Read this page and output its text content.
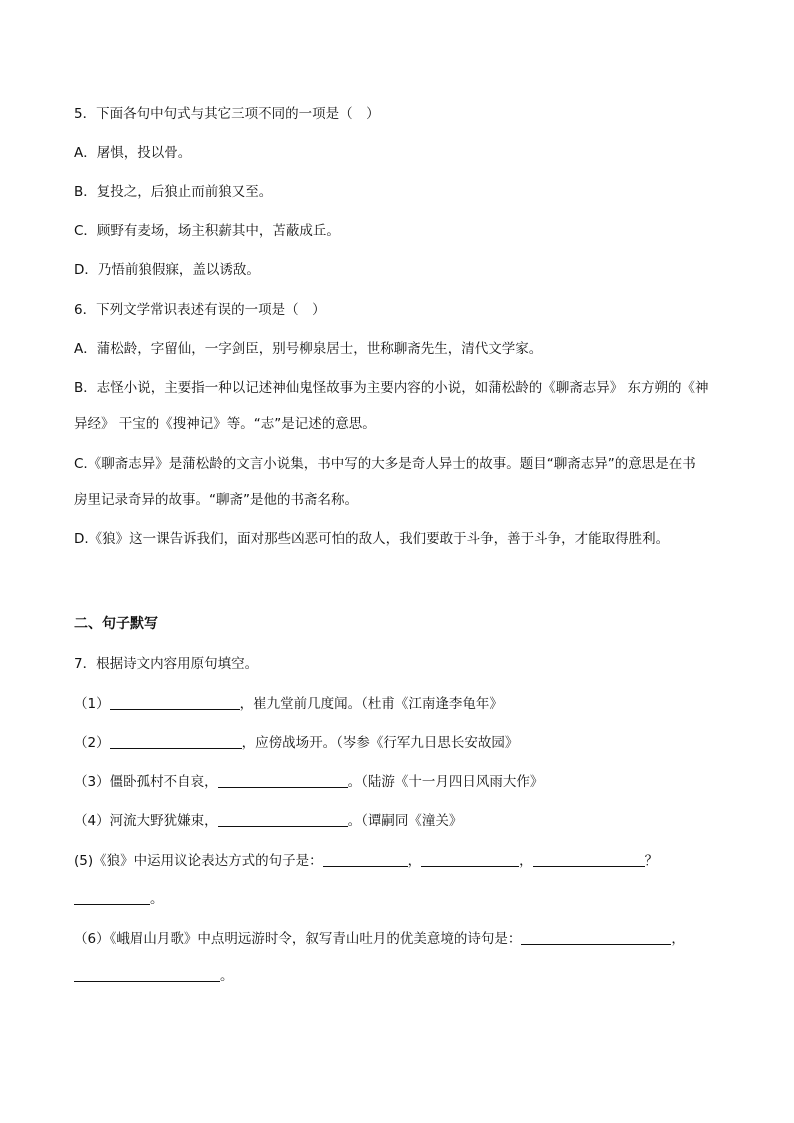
5．下面各句中句式与其它三项不同的一项是（　）
A．屠惧，投以骨。
B．复投之，后狼止而前狼又至。
C．顾野有麦场，场主积薪其中，苫蔽成丘。
D．乃悟前狼假寐，盖以诱敌。
6．下列文学常识表述有误的一项是（　）
A．蒲松龄，字留仙，一字剑臣，别号柳泉居士，世称聊斋先生，清代文学家。
B．志怪小说，主要指一种以记述神仙鬼怪故事为主要内容的小说，如蒲松龄的《聊斋志异》 东方朔的《神
异经》 干宝的《搜神记》等。“志”是记述的意思。
C.《聊斋志异》是蒲松龄的文言小说集，书中写的大多是奇人异士的故事。题目“聊斋志异”的意思是在书
房里记录奇异的故事。“聊斋”是他的书斋名称。
D.《狼》这一课告诉我们，面对那些凶恶可怕的敌人，我们要敢于斗争，善于斗争，才能取得胜利。
二、句子默写
7．根据诗文内容用原句填空。
（1）	，崔九堂前几度闻。（杜甫《江南逢李龟年》
（2）	，应傍战场开。（岑参《行军九日思长安故园》
（3）僵卧孤村不自哀，	。（陆游《十一月四日风雨大作》
（4）河流大野犹嫌束，	。（谭嗣同《潼关》
(5)《狼》中运用议论表达方式的句子是：	，	，	？
。
（6）《峨眉山月歌》中点明远游时令，叙写青山吐月的优美意境的诗句是：	，
。
